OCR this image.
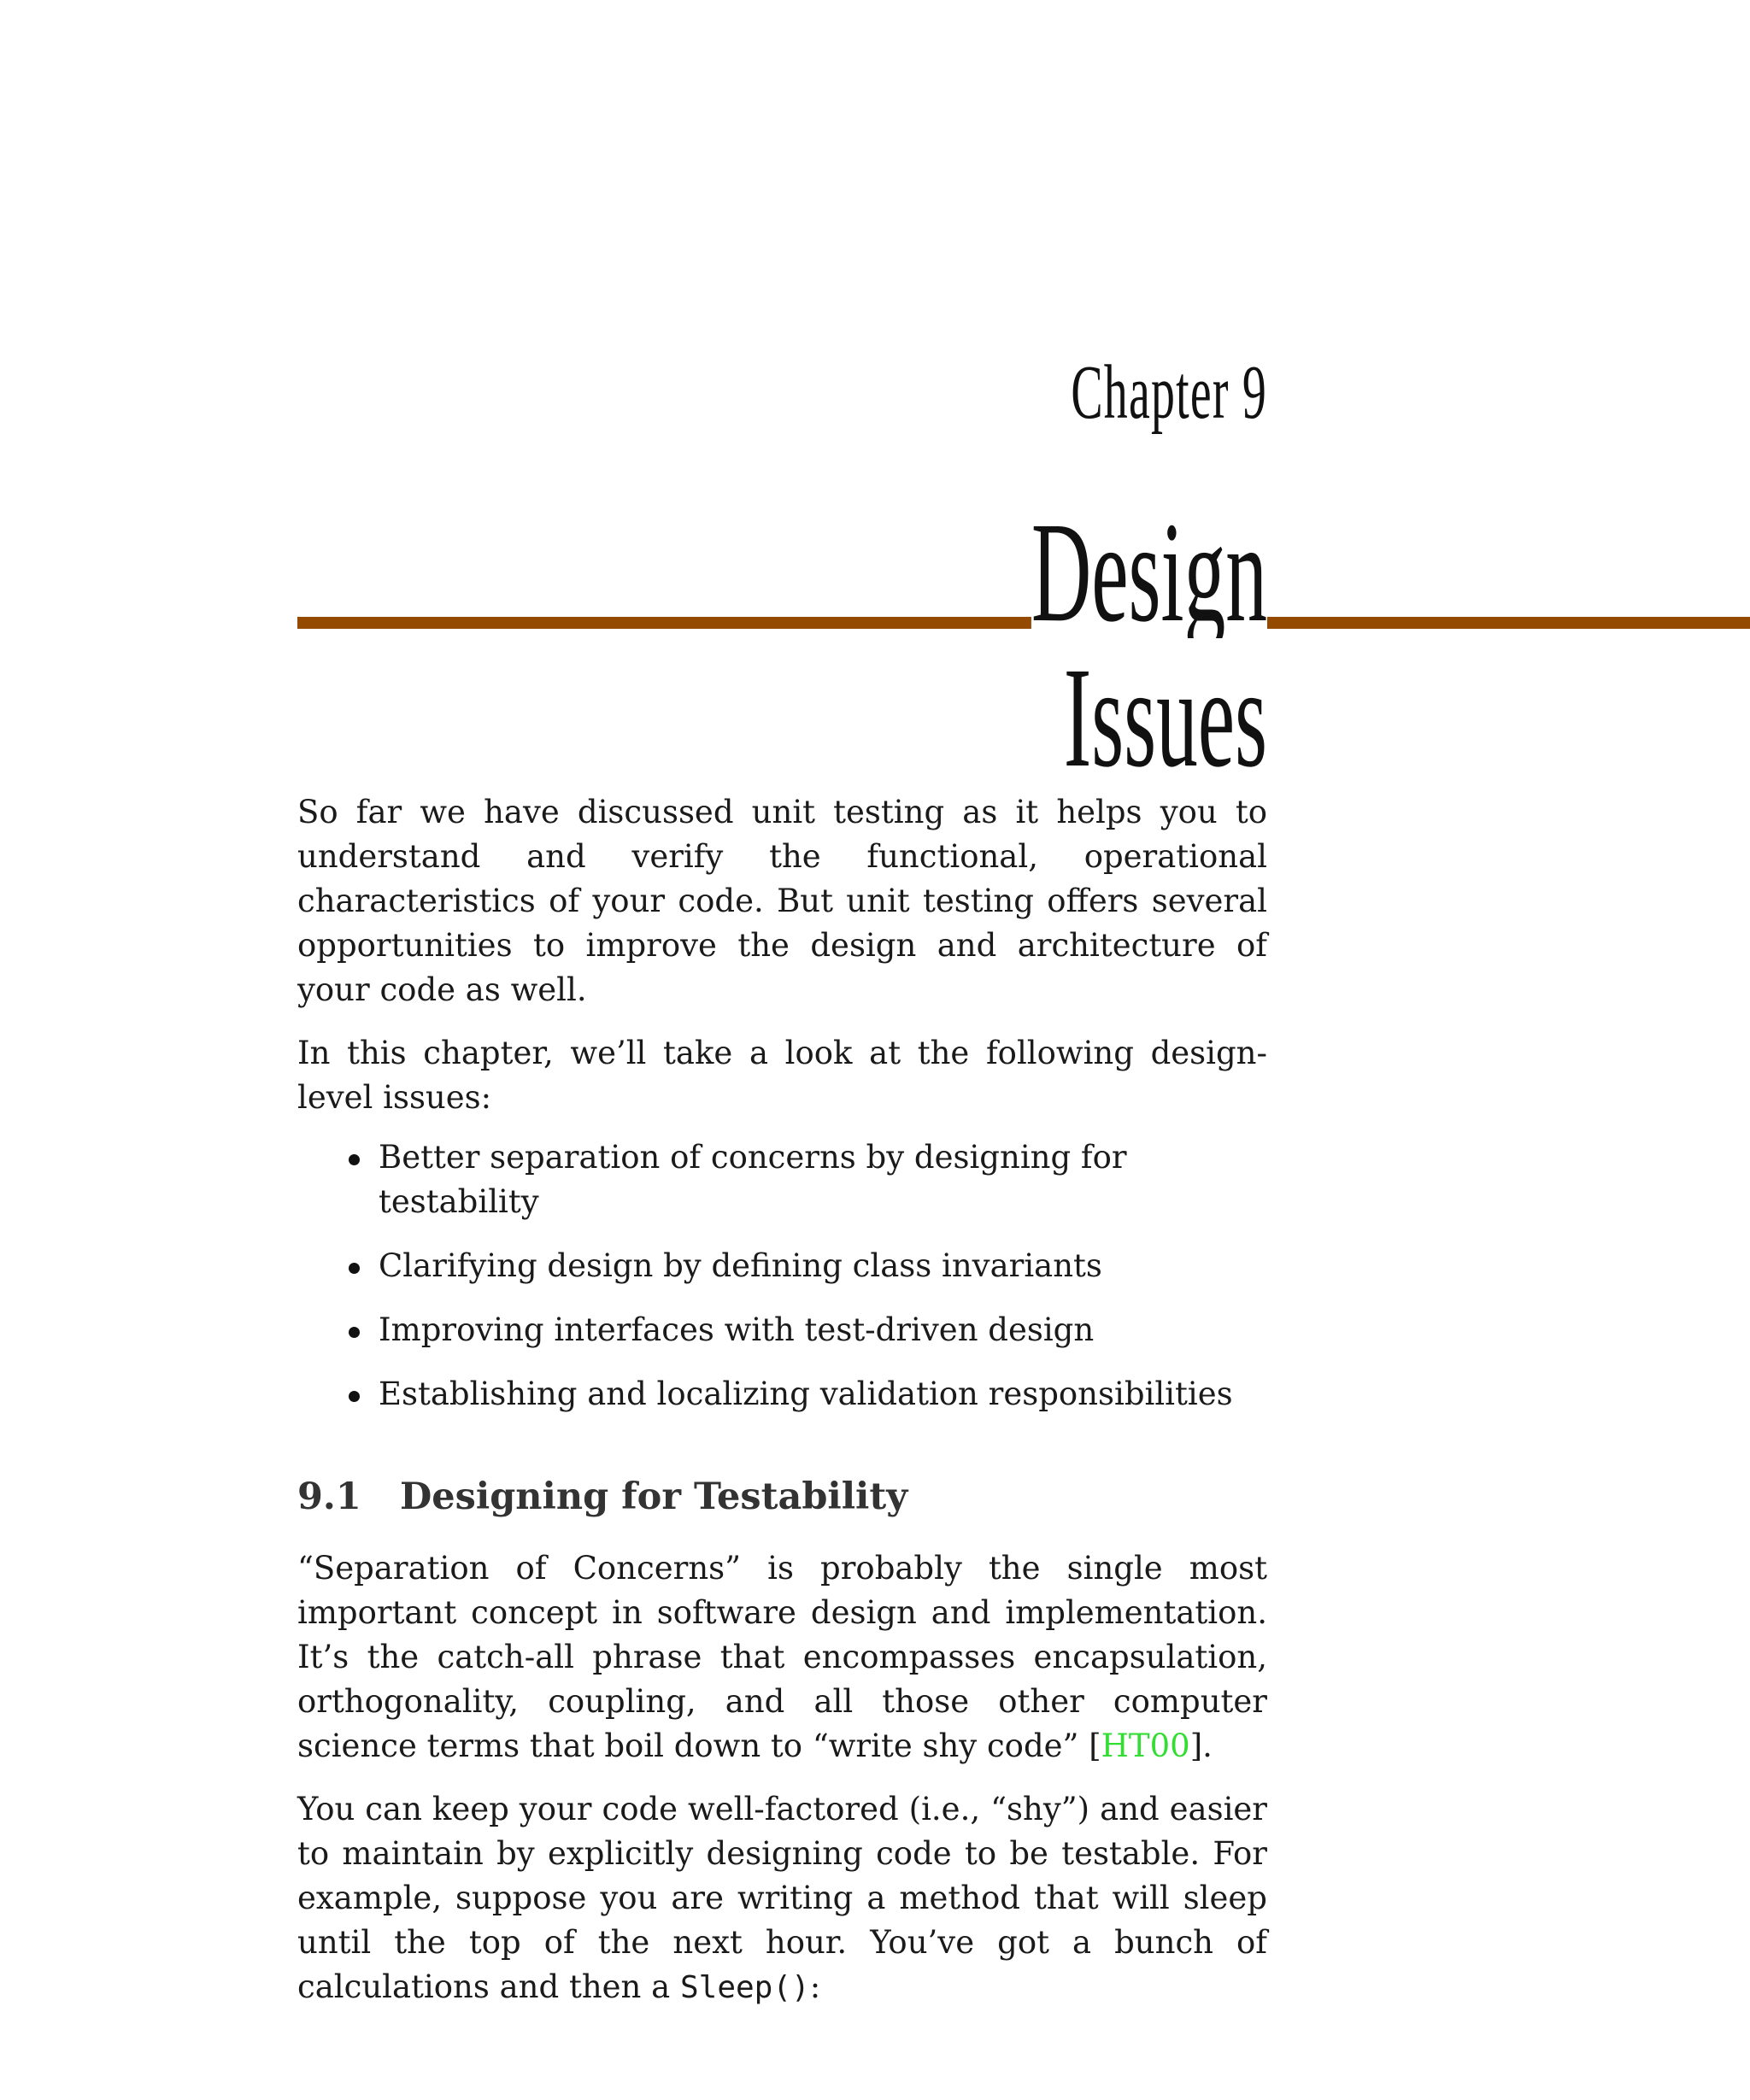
Chapter 9
Design Issues

So far we have discussed unit testing as it helps you to understand and verify the functional, operational characteristics of your code. But unit testing offers several opportunities to improve the design and architecture of your code as well.

In this chapter, we’ll take a look at the following design-level issues:

Better separation of concerns by designing for testability
Clarifying design by defining class invariants
Improving interfaces with test-driven design
Establishing and localizing validation responsibilities
9.1 Designing for Testability

“Separation of Concerns” is probably the single most important concept in software design and implementation. It’s the catch-all phrase that encompasses encapsulation, orthogonality, coupling, and all those other computer science terms that boil down to “write shy code” [HT00].

You can keep your code well-factored (i.e., “shy”) and easier to maintain by explicitly designing code to be testable. For example, suppose you are writing a method that will sleep until the top of the next hour. You’ve got a bunch of calculations and then a Sleep():
